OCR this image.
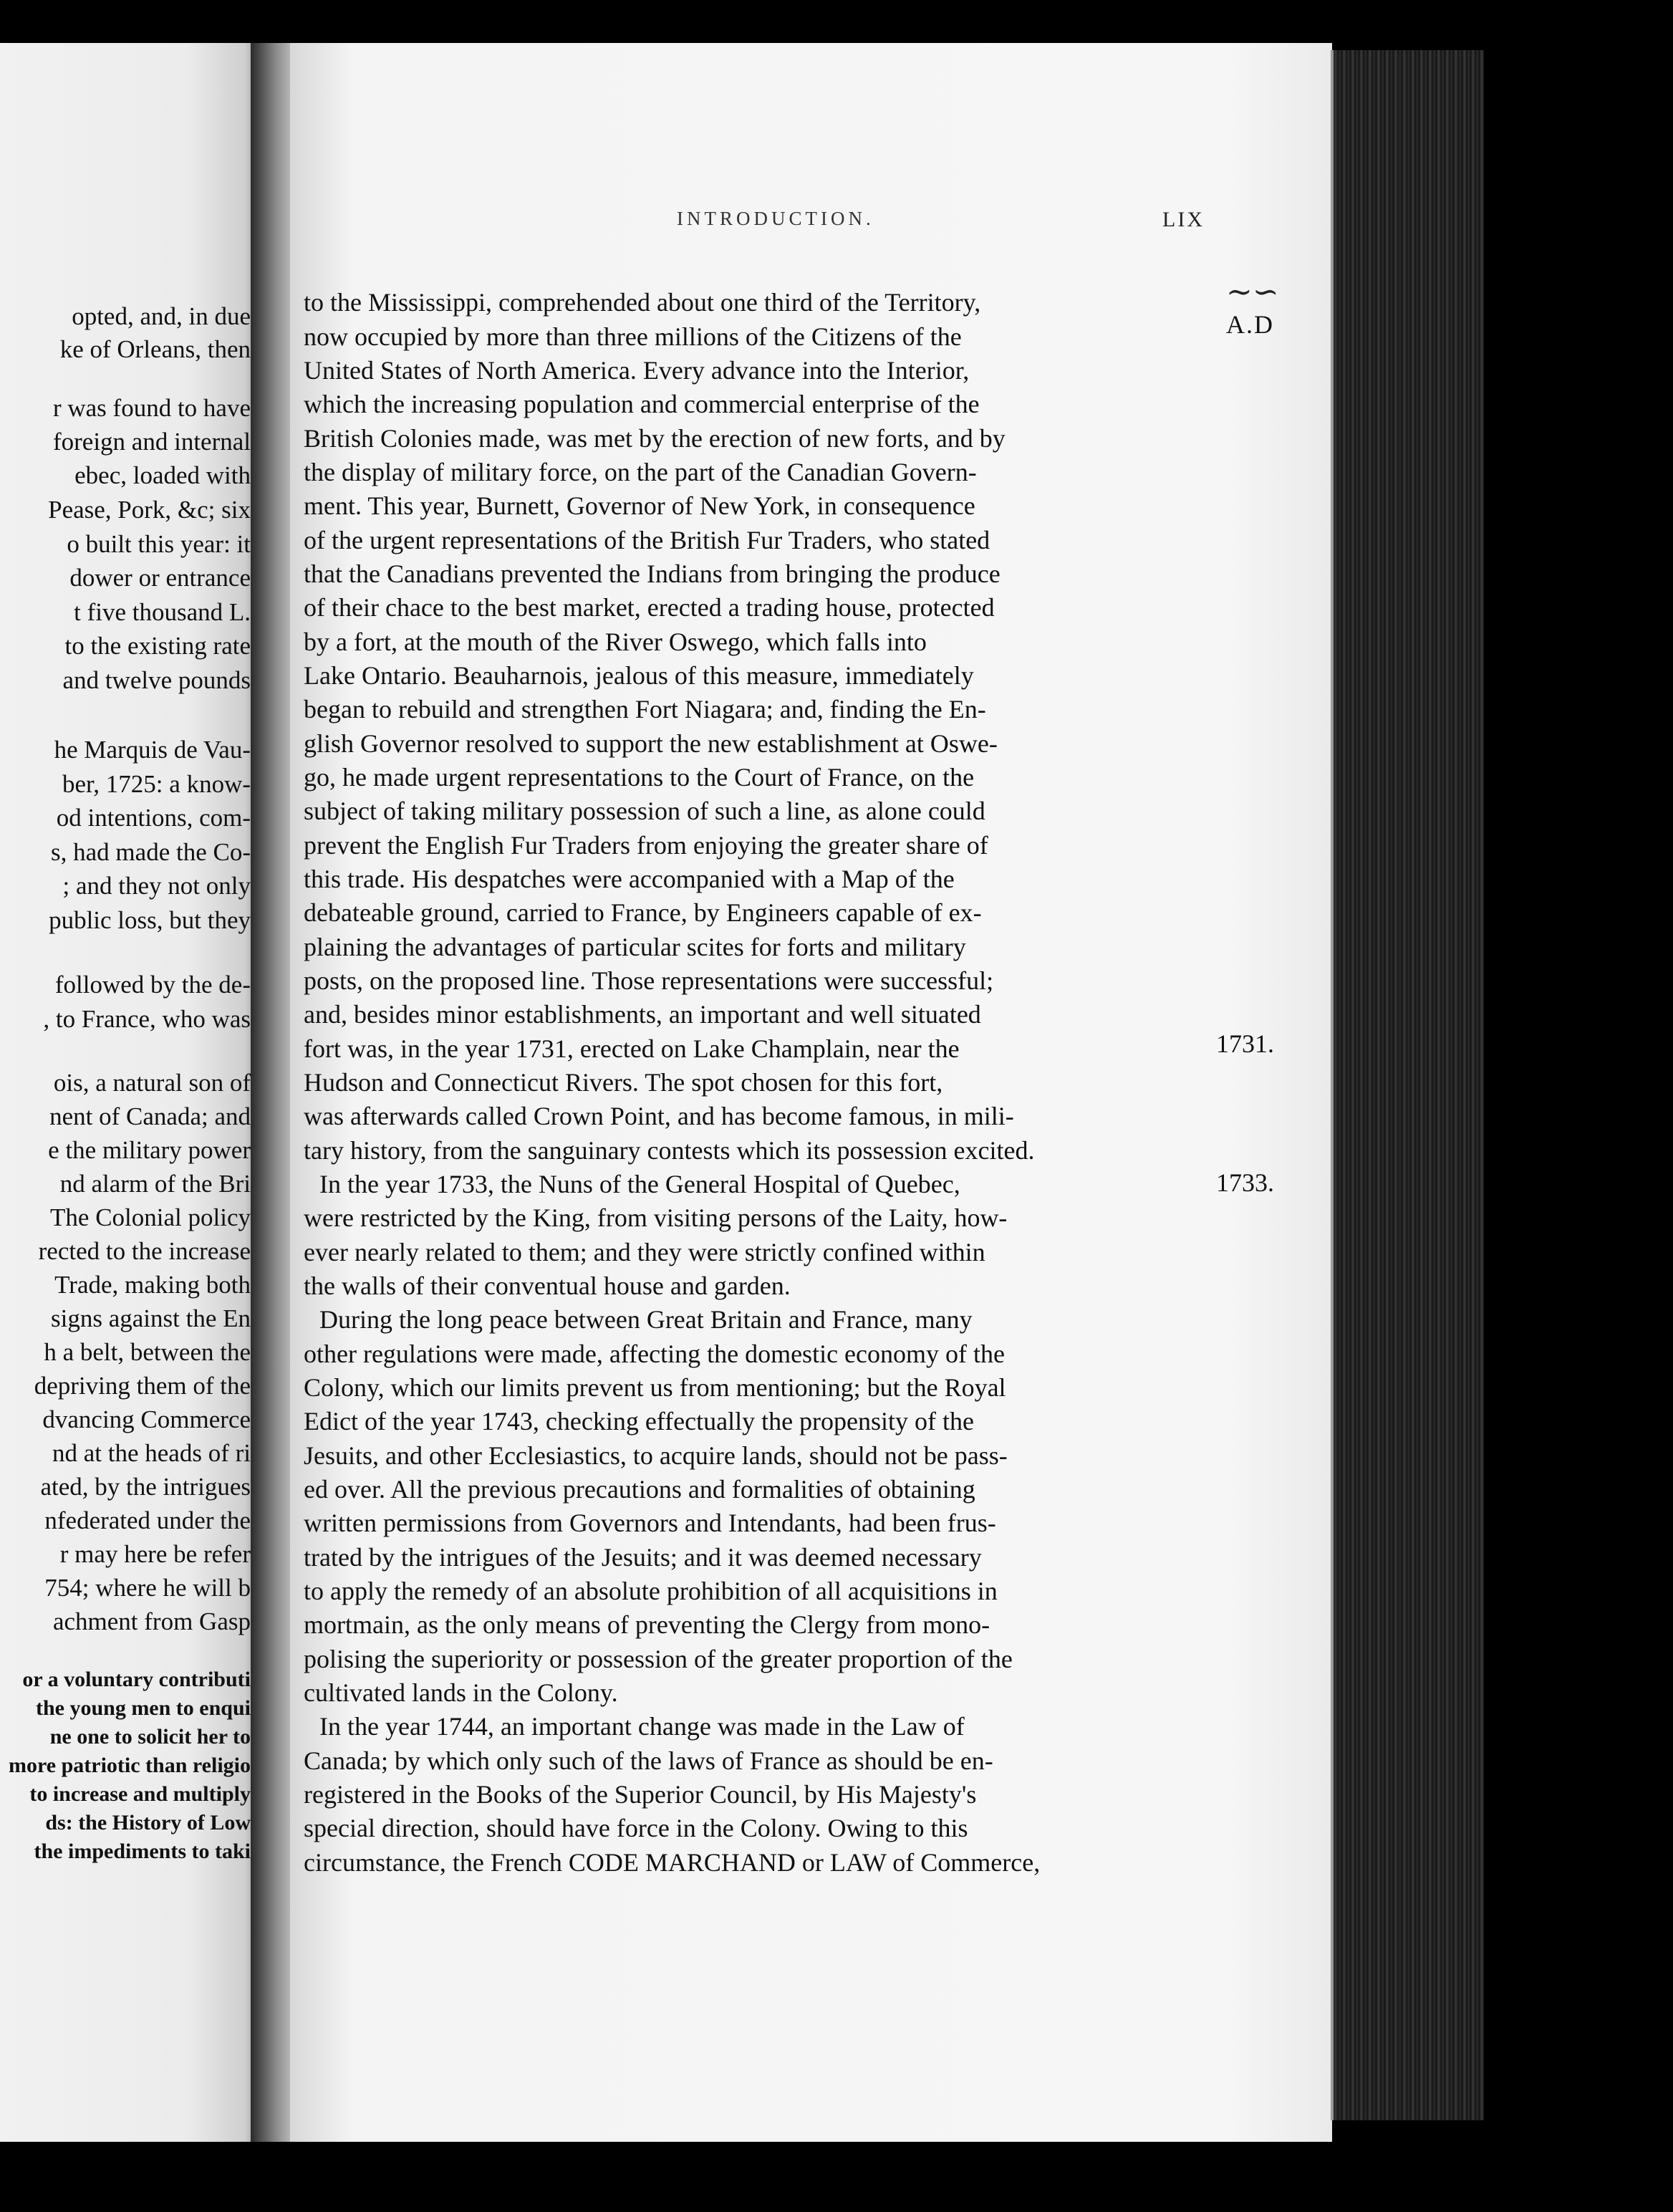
opted, and, in due
ke of Orleans, then
r was found to have
foreign and internal
ebec, loaded with
Pease, Pork, &c; six
o built this year: it
dower or entrance
t five thousand L.
to the existing rate
and twelve pounds
he Marquis de Vau-
ber, 1725: a know-
od intentions, com-
s, had made the Co-
; and they not only
public loss, but they
followed by the de-
, to France, who was
ois, a natural son of
nent of Canada; and
e the military power
nd alarm of the Bri
The Colonial policy
rected to the increase
Trade, making both
signs against the En
h a belt, between the
depriving them of the
dvancing Commerce
nd at the heads of ri
ated, by the intrigues
nfederated under the
r may here be refer
754; where he will b
achment from Gasp
or a voluntary contributi
the young men to enqui
ne one to solicit her to
more patriotic than religio
to increase and multiply
ds: the History of Low
the impediments to taki
INTRODUCTION.	LIX
∼∽
A.D
1731.
1733.
to the Mississippi, comprehended about one third of the Territory,
now occupied by more than three millions of the Citizens of the
United States of North America. Every advance into the Interior,
which the increasing population and commercial enterprise of the
British Colonies made, was met by the erection of new forts, and by
the display of military force, on the part of the Canadian Govern-
ment. This year, Burnett, Governor of New York, in consequence
of the urgent representations of the British Fur Traders, who stated
that the Canadians prevented the Indians from bringing the produce
of their chace to the best market, erected a trading house, protected
by a fort, at the mouth of the River Oswego, which falls into
Lake Ontario. Beauharnois, jealous of this measure, immediately
began to rebuild and strengthen Fort Niagara; and, finding the En-
glish Governor resolved to support the new establishment at Oswe-
go, he made urgent representations to the Court of France, on the
subject of taking military possession of such a line, as alone could
prevent the English Fur Traders from enjoying the greater share of
this trade. His despatches were accompanied with a Map of the
debateable ground, carried to France, by Engineers capable of ex-
plaining the advantages of particular scites for forts and military
posts, on the proposed line. Those representations were successful;
and, besides minor establishments, an important and well situated
fort was, in the year 1731, erected on Lake Champlain, near the
Hudson and Connecticut Rivers. The spot chosen for this fort,
was afterwards called Crown Point, and has become famous, in mili-
tary history, from the sanguinary contests which its possession excited.
In the year 1733, the Nuns of the General Hospital of Quebec,
were restricted by the King, from visiting persons of the Laity, how-
ever nearly related to them; and they were strictly confined within
the walls of their conventual house and garden.
During the long peace between Great Britain and France, many
other regulations were made, affecting the domestic economy of the
Colony, which our limits prevent us from mentioning; but the Royal
Edict of the year 1743, checking effectually the propensity of the
Jesuits, and other Ecclesiastics, to acquire lands, should not be pass-
ed over. All the previous precautions and formalities of obtaining
written permissions from Governors and Intendants, had been frus-
trated by the intrigues of the Jesuits; and it was deemed necessary
to apply the remedy of an absolute prohibition of all acquisitions in
mortmain, as the only means of preventing the Clergy from mono-
polising the superiority or possession of the greater proportion of the
cultivated lands in the Colony.
In the year 1744, an important change was made in the Law of
Canada; by which only such of the laws of France as should be en-
registered in the Books of the Superior Council, by His Majesty's
special direction, should have force in the Colony. Owing to this
circumstance, the French CODE MARCHAND or LAW of Commerce,
